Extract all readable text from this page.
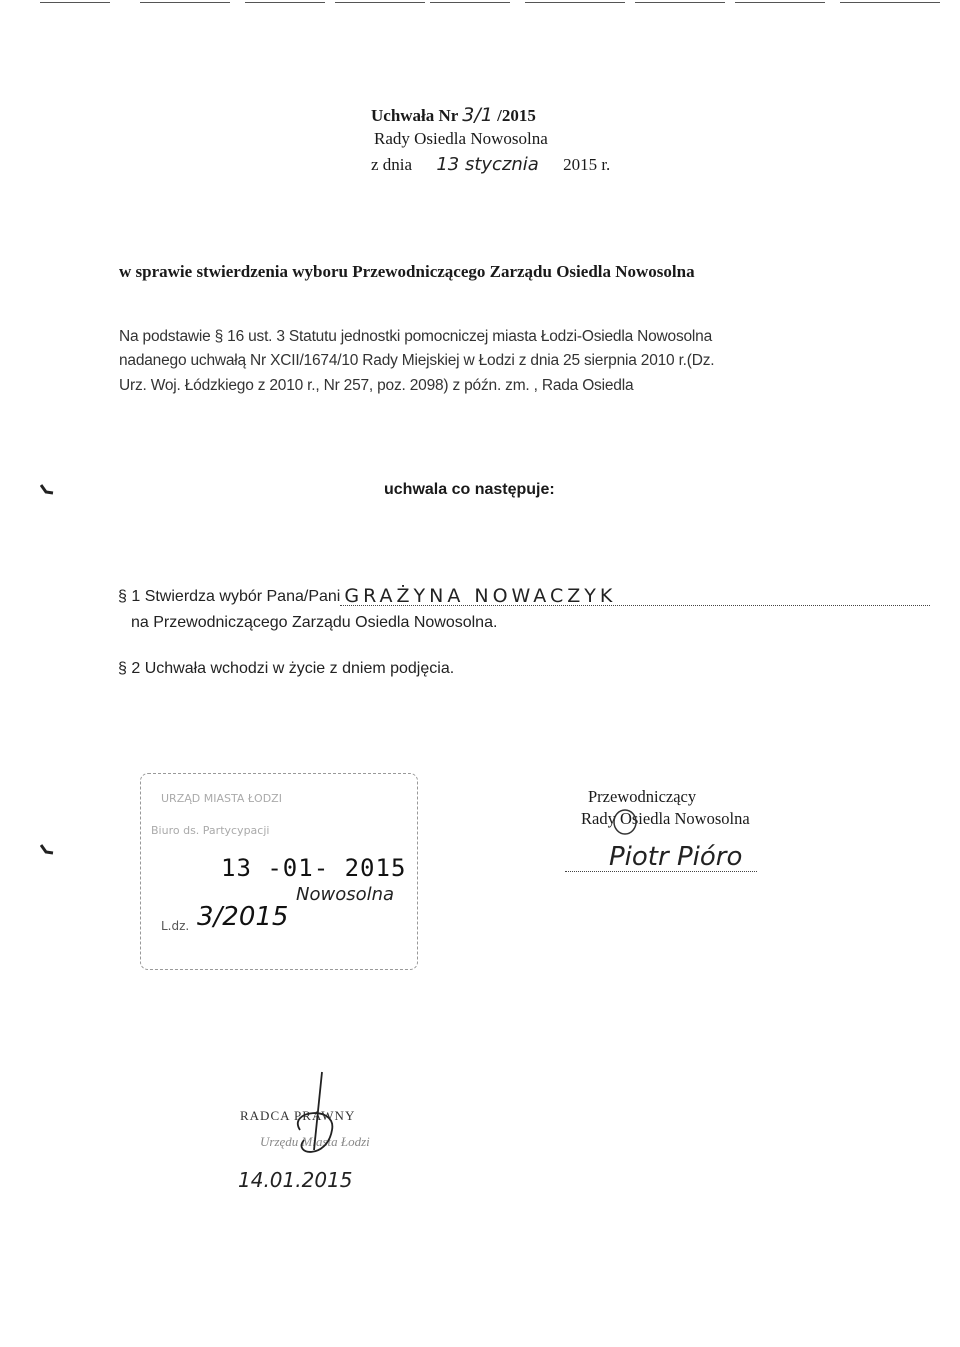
Uchwała Nr 3/1 /2015
Rady Osiedla Nowosolna
z dnia 13 stycznia 2015 r.
w sprawie stwierdzenia wyboru Przewodniczącego Zarządu Osiedla Nowosolna
Na podstawie § 16 ust. 3 Statutu jednostki pomocniczej miasta Łodzi-Osiedla Nowosolna
nadanego uchwałą Nr XCII/1674/10 Rady Miejskiej w Łodzi z dnia 25 sierpnia 2010 r.(Dz.
Urz. Woj. Łódzkiego z 2010 r., Nr 257, poz. 2098) z późn. zm. , Rada Osiedla
uchwala co następuje:
§ 1 Stwierdza wybór Pana/Pani GRAŻYNA NOWACZYK
na Przewodniczącego Zarządu Osiedla Nowosolna.
§ 2 Uchwała wchodzi w życie z dniem podjęcia.
URZĄD MIASTA ŁODZI
Biuro ds. Partycypacji
13 -01- 2015
Nowosolna
L.dz. 3/2015
Przewodniczący
Rady Osiedla Nowosolna
Piotr Pióro
RADCA PRAWNY
Urzędu Miasta Łodzi
14.01.2015
